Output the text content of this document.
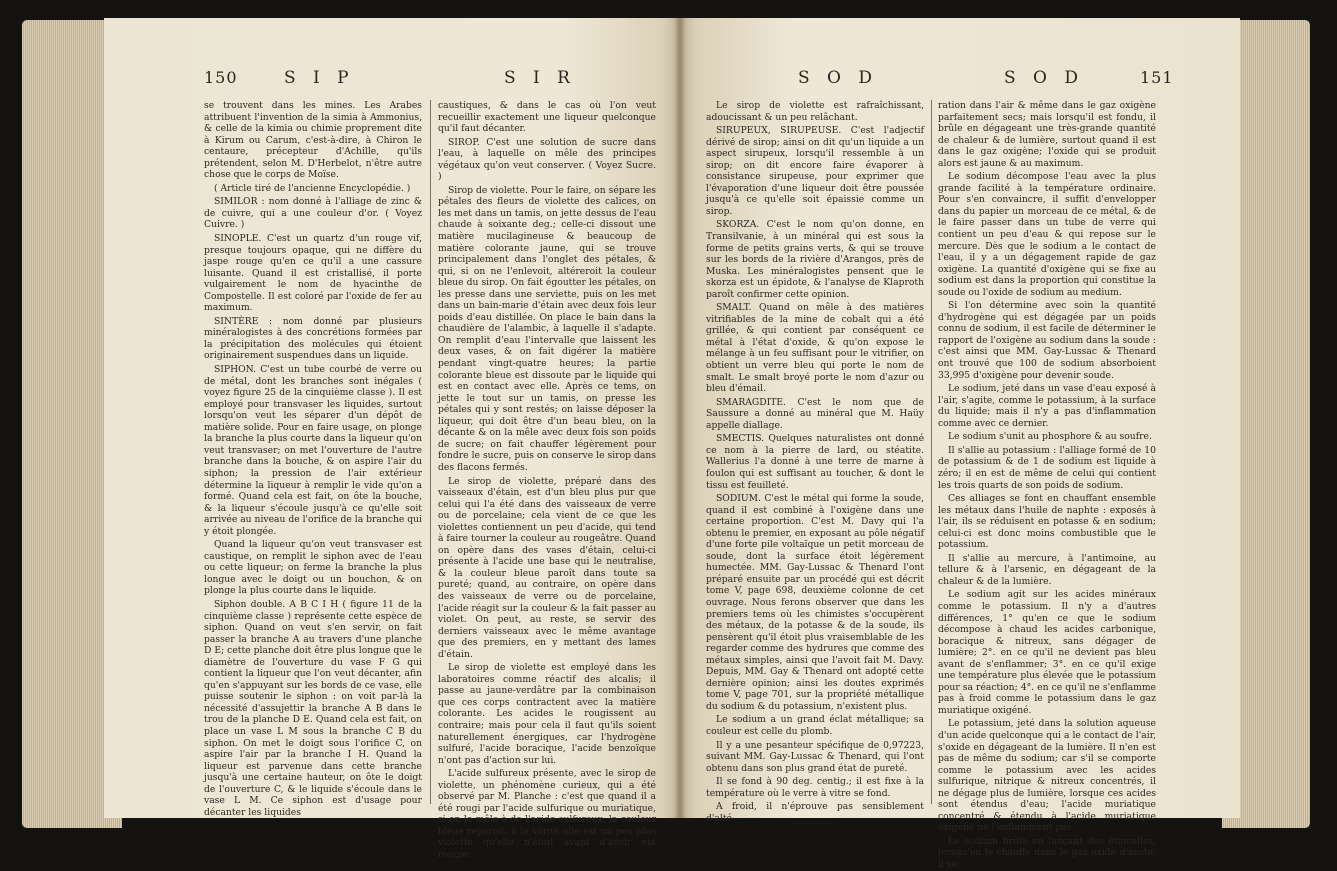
150	S I P	S I R

se trouvent dans les mines. Les Arabes attribuent l'invention de la simia à Ammonius, & celle de la kimia ou chimie proprement dite à Kirum ou Carum, c'est-à-dire, à Chiron le centaure, précepteur d'Achille, qu'ils prétendent, selon M. D'Herbelot, n'être autre chose que le corps de Moïse.

( Article tiré de l'ancienne Encyclopédie. )

SIMILOR : nom donné à l'alliage de zinc & de cuivre, qui a une couleur d'or. ( Voyez Cuivre. )

SINOPLE. C'est un quartz d'un rouge vif, presque toujours opaque, qui ne diffère du jaspe rouge qu'en ce qu'il a une cassure luisante. Quand il est cristallisé, il porte vulgairement le nom de hyacinthe de Compostelle. Il est coloré par l'oxide de fer au maximum.

SINTÈRE : nom donné par plusieurs minéralogistes à des concrétions formées par la précipitation des molécules qui étoient originairement suspendues dans un liquide.

SIPHON. C'est un tube courbé de verre ou de métal, dont les branches sont inégales ( voyez figure 25 de la cinquième classe ). Il est employé pour transvaser les liquides, surtout lorsqu'on veut les séparer d'un dépôt de matière solide. Pour en faire usage, on plonge la branche la plus courte dans la liqueur qu'on veut transvaser; on met l'ouverture de l'autre branche dans la bouche, & on aspire l'air du siphon; la pression de l'air extérieur détermine la liqueur à remplir le vide qu'on a formé. Quand cela est fait, on ôte la bouche, & la liqueur s'écoule jusqu'à ce qu'elle soit arrivée au niveau de l'orifice de la branche qui y étoit plongée.

Quand la liqueur qu'on veut transvaser est caustique, on remplit le siphon avec de l'eau ou cette liqueur; on ferme la branche la plus longue avec le doigt ou un bouchon, & on plonge la plus courte dans le liquide.

Siphon double. A B C I H ( figure 11 de la cinquième classe ) représente cette espèce de siphon. Quand on veut s'en servir, on fait passer la branche A au travers d'une planche D E; cette planche doit être plus longue que le diamètre de l'ouverture du vase F G qui contient la liqueur que l'on veut décanter, afin qu'en s'appuyant sur les bords de ce vase, elle puisse soutenir le siphon : on voit par-là la nécessité d'assujettir la branche A B dans le trou de la planche D E. Quand cela est fait, on place un vase L M sous la branche C B du siphon. On met le doigt sous l'orifice C, on aspire l'air par la branche I H. Quand la liqueur est parvenue dans cette branche jusqu'à une certaine hauteur, on ôte le doigt de l'ouverture C, & le liquide s'écoule dans le vase L M. Ce siphon est d'usage pour décanter les liquides

caustiques, & dans le cas où l'on veut recueillir exactement une liqueur quelconque qu'il faut décanter.

SIROP. C'est une solution de sucre dans l'eau, à laquelle on mêle des principes végétaux qu'on veut conserver. ( Voyez Sucre. )

Sirop de violette. Pour le faire, on sépare les pétales des fleurs de violette des calices, on les met dans un tamis, on jette dessus de l'eau chaude à soixante deg.; celle-ci dissout une matière mucilagineuse & beaucoup de matière colorante jaune, qui se trouve principalement dans l'onglet des pétales, & qui, si on ne l'enlevoit, altéreroit la couleur bleue du sirop. On fait égoutter les pétales, on les presse dans une serviette, puis on les met dans un bain-marie d'étain avec deux fois leur poids d'eau distillée. On place le bain dans la chaudière de l'alambic, à laquelle il s'adapte. On remplit d'eau l'intervalle que laissent les deux vases, & on fait digérer la matière pendant vingt-quatre heures; la partie colorante bleue est dissoute par le liquide qui est en contact avec elle. Après ce tems, on jette le tout sur un tamis, on presse les pétales qui y sont restés; on laisse déposer la liqueur, qui doit être d'un beau bleu, on la décante & on la mêle avec deux fois son poids de sucre; on fait chauffer légèrement pour fondre le sucre, puis on conserve le sirop dans des flacons fermés.

Le sirop de violette, préparé dans des vaisseaux d'étain, est d'un bleu plus pur que celui qui l'a été dans des vaisseaux de verre ou de porcelaine; cela vient de ce que les violettes contiennent un peu d'acide, qui tend à faire tourner la couleur au rougeâtre. Quand on opère dans des vases d'étain, celui-ci présente à l'acide une base qui le neutralise, & la couleur bleue paroît dans toute sa pureté; quand, au contraire, on opère dans des vaisseaux de verre ou de porcelaine, l'acide réagit sur la couleur & la fait passer au violet. On peut, au reste, se servir des derniers vaisseaux avec le même avantage que des premiers, en y mettant des lames d'étain.

Le sirop de violette est employé dans les laboratoires comme réactif des alcalis; il passe au jaune-verdâtre par la combinaison que ces corps contractent avec la matière colorante. Les acides le rougissent au contraire; mais pour cela il faut qu'ils soient naturellement énergiques, car l'hydrogène sulfuré, l'acide boracique, l'acide benzoïque n'ont pas d'action sur lui.

L'acide sulfureux présente, avec le sirop de violette, un phénomène curieux, qui a été observé par M. Planche : c'est que quand il a été rougi par l'acide sulfurique ou muriatique, si on le mêle à de l'acide sulfureux, la couleur bleue reparoît; à la vérité elle est un peu plus violette qu'elle n'étoit avant d'avoir été rougie.

S O D	S O D	151

Le sirop de violette est rafraîchissant, adoucissant & un peu relâchant.

SIRUPEUX, SIRUPEUSE. C'est l'adjectif dérivé de sirop; ainsi on dit qu'un liquide a un aspect sirupeux, lorsqu'il ressemble à un sirop; on dit encore faire évaporer à consistance sirupeuse, pour exprimer que l'évaporation d'une liqueur doit être poussée jusqu'à ce qu'elle soit épaissie comme un sirop.

SKORZA. C'est le nom qu'on donne, en Transilvanie, à un minéral qui est sous la forme de petits grains verts, & qui se trouve sur les bords de la rivière d'Arangos, près de Muska. Les minéralogistes pensent que le skorza est un épidote, & l'analyse de Klaproth paroît confirmer cette opinion.

SMALT. Quand on mêle à des matières vitrifiables de la mine de cobalt qui a été grillée, & qui contient par conséquent ce métal à l'état d'oxide, & qu'on expose le mélange à un feu suffisant pour le vitrifier, on obtient un verre bleu qui porte le nom de smalt. Le smalt broyé porte le nom d'azur ou bleu d'émail.

SMARAGDITE. C'est le nom que de Saussure a donné au minéral que M. Haüy appelle diallage.

SMECTIS. Quelques naturalistes ont donné ce nom à la pierre de lard, ou stéatite. Wallerius l'a donné à une terre de marne à foulon qui est suffisant au toucher, & dont le tissu est feuilleté.

SODIUM. C'est le métal qui forme la soude, quand il est combiné à l'oxigène dans une certaine proportion. C'est M. Davy qui l'a obtenu le premier, en exposant au pôle négatif d'une forte pile voltaïque un petit morceau de soude, dont la surface étoit légèrement humectée. MM. Gay-Lussac & Thenard l'ont préparé ensuite par un procédé qui est décrit tome V, page 698, deuxième colonne de cet ouvrage. Nous ferons observer que dans les premiers tems où les chimistes s'occupèrent des métaux, de la potasse & de la soude, ils pensèrent qu'il étoit plus vraisemblable de les regarder comme des hydrures que comme des métaux simples, ainsi que l'avoit fait M. Davy. Depuis, MM. Gay & Thenard ont adopté cette dernière opinion; ainsi les doutes exprimés tome V, page 701, sur la propriété métallique du sodium & du potassium, n'existent plus.

Le sodium a un grand éclat métallique; sa couleur est celle du plomb.

Il y a une pesanteur spécifique de 0,97223, suivant MM. Gay-Lussac & Thenard, qui l'ont obtenu dans son plus grand état de pureté.

Il se fond à 90 deg. centig.; il est fixe à la température où le verre à vitre se fond.

A froid, il n'éprouve pas sensiblement d'alté-

ration dans l'air & même dans le gaz oxigène parfaitement secs; mais lorsqu'il est fondu, il brûle en dégageant une très-grande quantité de chaleur & de lumière, surtout quand il est dans le gaz oxigène; l'oxide qui se produit alors est jaune & au maximum.

Le sodium décompose l'eau avec la plus grande facilité à la température ordinaire. Pour s'en convaincre, il suffit d'envelopper dans du papier un morceau de ce métal, & de le faire passer dans un tube de verre qui contient un peu d'eau & qui repose sur le mercure. Dès que le sodium a le contact de l'eau, il y a un dégagement rapide de gaz oxigène. La quantité d'oxigène qui se fixe au sodium est dans la proportion qui constitue la soude ou l'oxide de sodium au medium.

Si l'on détermine avec soin la quantité d'hydrogène qui est dégagée par un poids connu de sodium, il est facile de déterminer le rapport de l'oxigène au sodium dans la soude : c'est ainsi que MM. Gay-Lussac & Thenard ont trouvé que 100 de sodium absorboient 33,995 d'oxigène pour devenir soude.

Le sodium, jeté dans un vase d'eau exposé à l'air, s'agite, comme le potassium, à la surface du liquide; mais il n'y a pas d'inflammation comme avec ce dernier.

Le sodium s'unit au phosphore & au soufre.

Il s'allie au potassium : l'alliage formé de 10 de potassium & de 1 de sodium est liquide à zéro; il en est de même de celui qui contient les trois quarts de son poids de sodium.

Ces alliages se font en chauffant ensemble les métaux dans l'huile de naphte : exposés à l'air, ils se réduisent en potasse & en sodium; celui-ci est donc moins combustible que le potassium.

Il s'allie au mercure, à l'antimoine, au tellure & à l'arsenic, en dégageant de la chaleur & de la lumière.

Le sodium agit sur les acides minéraux comme le potassium. Il n'y a d'autres différences, 1° qu'en ce que le sodium décompose à chaud les acides carbonique, boracique & nitreux, sans dégager de lumière; 2°. en ce qu'il ne devient pas bleu avant de s'enflammer; 3°. en ce qu'il exige une température plus élevée que le potassium pour sa réaction; 4°. en ce qu'il ne s'enflamme pas à froid comme le potassium dans le gaz muriatique oxigéné.

Le potassium, jeté dans la solution aqueuse d'un acide quelconque qui a le contact de l'air, s'oxide en dégageant de la lumière. Il n'en est pas de même du sodium; car s'il se comporte comme le potassium avec les acides sulfurique, nitrique & nitreux concentrés, il ne dégage plus de lumière, lorsque ces acides sont étendus d'eau; l'acide muriatique concentré & étendu à l'acide muriatique oxigéné ne l'enflamment pas.

Le sodium brûle en lançant des étincelles, lorsqu'on le chauffe dans le gaz oxide d'azote; il se
